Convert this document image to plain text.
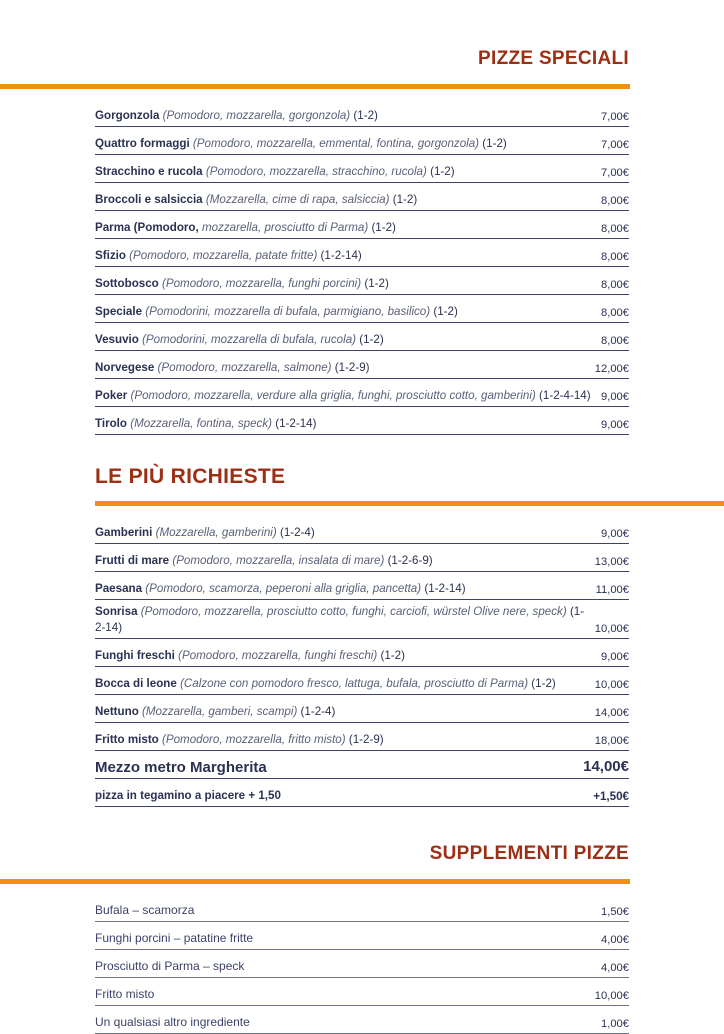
PIZZE SPECIALI
Gorgonzola (Pomodoro, mozzarella, gorgonzola) (1-2)	7,00€
Quattro formaggi (Pomodoro, mozzarella, emmental, fontina, gorgonzola) (1-2)	7,00€
Stracchino e rucola (Pomodoro, mozzarella, stracchino, rucola) (1-2)	7,00€
Broccoli e salsiccia (Mozzarella, cime di rapa, salsiccia) (1-2)	8,00€
Parma (Pomodoro, mozzarella, prosciutto di Parma) (1-2)	8,00€
Sfizio (Pomodoro, mozzarella, patate fritte) (1-2-14)	8,00€
Sottobosco (Pomodoro, mozzarella, funghi porcini) (1-2)	8,00€
Speciale (Pomodorini, mozzarella di bufala, parmigiano, basilico) (1-2)	8,00€
Vesuvio (Pomodorini, mozzarella di bufala, rucola) (1-2)	8,00€
Norvegese (Pomodoro, mozzarella, salmone) (1-2-9)	12,00€
Poker (Pomodoro, mozzarella, verdure alla griglia, funghi, prosciutto cotto, gamberini) (1-2-4-14) 9,00€
Tirolo (Mozzarella, fontina, speck) (1-2-14)	9,00€
LE PIÙ RICHIESTE
Gamberini (Mozzarella, gamberini) (1-2-4)	9,00€
Frutti di mare (Pomodoro, mozzarella, insalata di mare) (1-2-6-9)	13,00€
Paesana (Pomodoro, scamorza, peperoni alla griglia, pancetta) (1-2-14)	11,00€
Sonrisa (Pomodoro, mozzarella, prosciutto cotto, funghi, carciofi, würstel Olive nere, speck) (1-2-14)	10,00€
Funghi freschi (Pomodoro, mozzarella, funghi freschi) (1-2)	9,00€
Bocca di leone (Calzone con pomodoro fresco, lattuga, bufala, prosciutto di Parma) (1-2)	10,00€
Nettuno (Mozzarella, gamberi, scampi) (1-2-4)	14,00€
Fritto misto (Pomodoro, mozzarella, fritto misto) (1-2-9)	18,00€
Mezzo metro Margherita	14,00€
pizza in tegamino a piacere + 1,50	+1,50€
SUPPLEMENTI PIZZE
Bufala – scamorza	1,50€
Funghi porcini – patatine fritte	4,00€
Prosciutto di Parma – speck	4,00€
Fritto misto	10,00€
Un qualsiasi altro ingrediente	1,00€
